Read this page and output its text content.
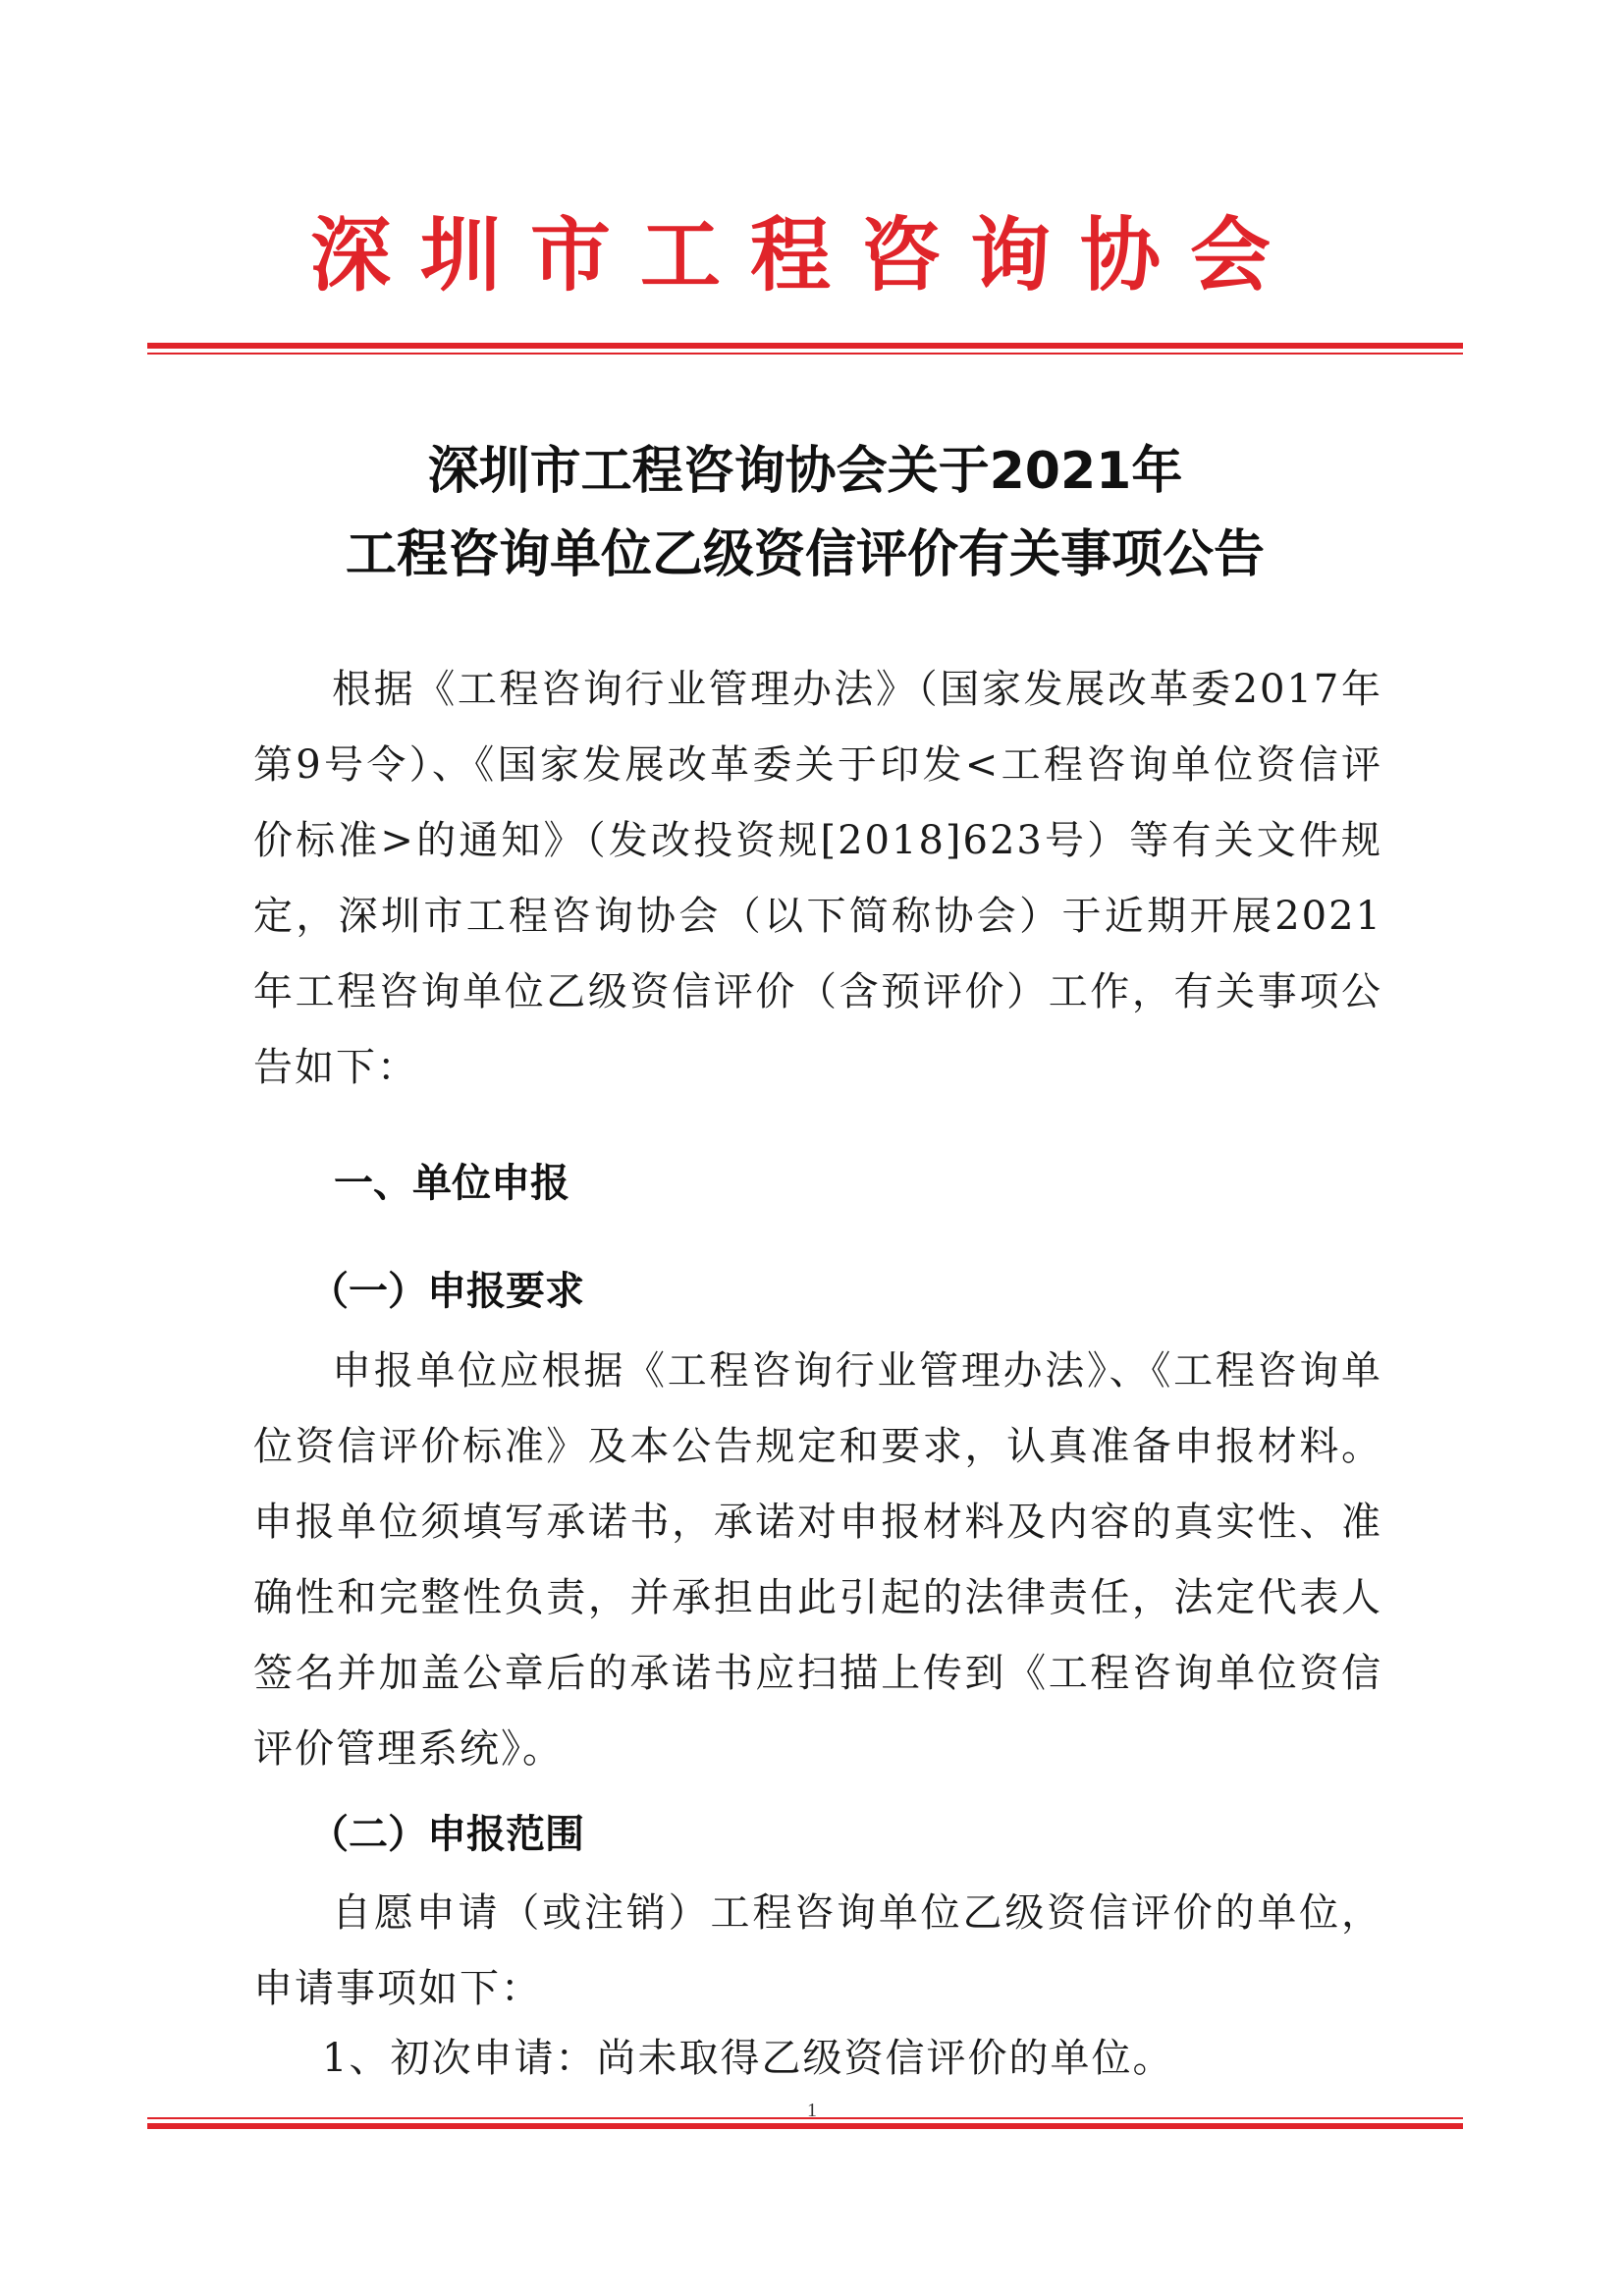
深圳市工程咨询协会
深圳市工程咨询协会关于2021年
工程咨询单位乙级资信评价有关事项公告
根据《工程咨询行业管理办法》（国家发展改革委2017年第9号令）、《国家发展改革委关于印发<工程咨询单位资信评价标准>的通知》（发改投资规[2018]623号）等有关文件规定，深圳市工程咨询协会（以下简称协会）于近期开展2021年工程咨询单位乙级资信评价（含预评价）工作，有关事项公告如下：
一、单位申报
（一）申报要求
申报单位应根据《工程咨询行业管理办法》、《工程咨询单位资信评价标准》及本公告规定和要求，认真准备申报材料。申报单位须填写承诺书，承诺对申报材料及内容的真实性、准确性和完整性负责，并承担由此引起的法律责任，法定代表人签名并加盖公章后的承诺书应扫描上传到《工程咨询单位资信评价管理系统》。
（二）申报范围
自愿申请（或注销）工程咨询单位乙级资信评价的单位，申请事项如下：
1、初次申请：尚未取得乙级资信评价的单位。
1
